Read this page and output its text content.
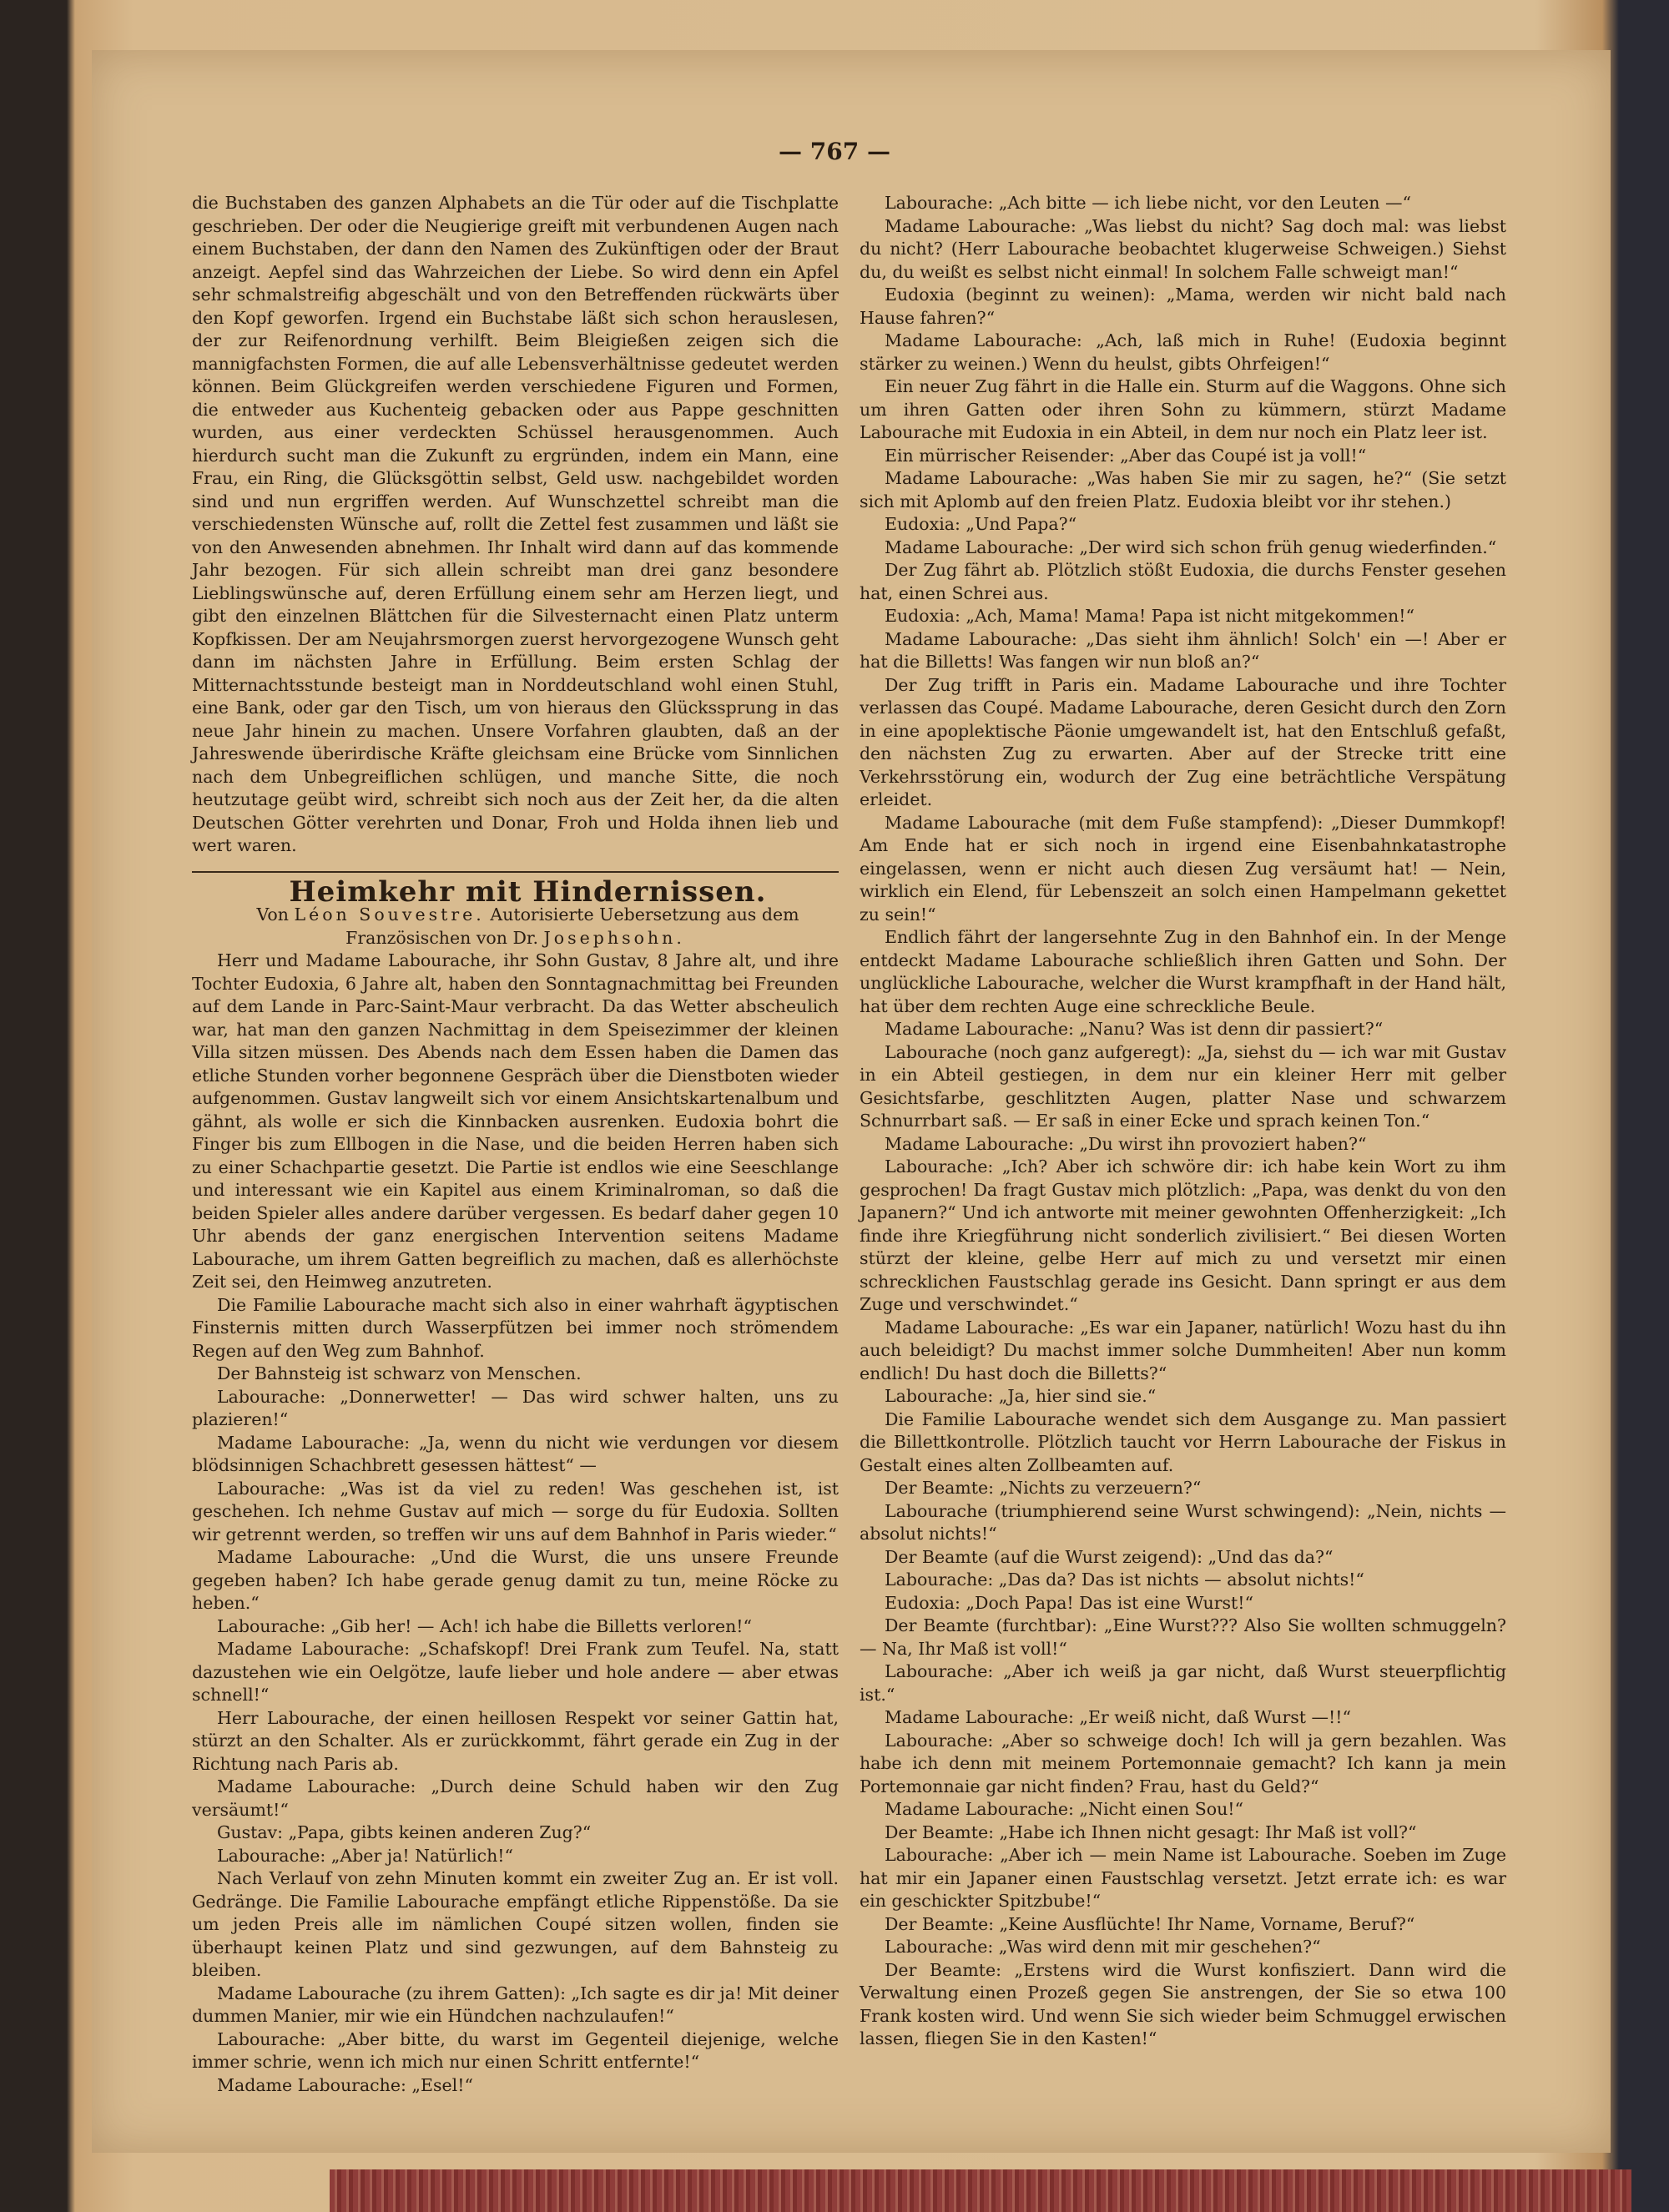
— 767 —

die Buchstaben des ganzen Alphabets an die Tür oder auf die Tischplatte geschrieben. Der oder die Neugierige greift mit verbundenen Augen nach einem Buchstaben, der dann den Namen des Zukünftigen oder der Braut anzeigt. Aepfel sind das Wahrzeichen der Liebe. So wird denn ein Apfel sehr schmalstreifig abgeschält und von den Betreffenden rückwärts über den Kopf geworfen. Irgend ein Buchstabe läßt sich schon herauslesen, der zur Reifenordnung verhilft. Beim Bleigießen zeigen sich die mannigfachsten Formen, die auf alle Lebensverhältnisse gedeutet werden können. Beim Glückgreifen werden verschiedene Figuren und Formen, die entweder aus Kuchenteig gebacken oder aus Pappe geschnitten wurden, aus einer verdeckten Schüssel herausgenommen. Auch hierdurch sucht man die Zukunft zu ergründen, indem ein Mann, eine Frau, ein Ring, die Glücksgöttin selbst, Geld usw. nachgebildet worden sind und nun ergriffen werden. Auf Wunschzettel schreibt man die verschiedensten Wünsche auf, rollt die Zettel fest zusammen und läßt sie von den Anwesenden abnehmen. Ihr Inhalt wird dann auf das kommende Jahr bezogen. Für sich allein schreibt man drei ganz besondere Lieblingswünsche auf, deren Erfüllung einem sehr am Herzen liegt, und gibt den einzelnen Blättchen für die Silvesternacht einen Platz unterm Kopfkissen. Der am Neujahrsmorgen zuerst hervorgezogene Wunsch geht dann im nächsten Jahre in Erfüllung. Beim ersten Schlag der Mitternachtsstunde besteigt man in Norddeutschland wohl einen Stuhl, eine Bank, oder gar den Tisch, um von hieraus den Glückssprung in das neue Jahr hinein zu machen. Unsere Vorfahren glaubten, daß an der Jahreswende überirdische Kräfte gleichsam eine Brücke vom Sinnlichen nach dem Unbegreiflichen schlügen, und manche Sitte, die noch heutzutage geübt wird, schreibt sich noch aus der Zeit her, da die alten Deutschen Götter verehrten und Donar, Froh und Holda ihnen lieb und wert waren.

Heimkehr mit Hindernissen.

Von Léon Souvestre. Autorisierte Uebersetzung aus dem Französischen von Dr. Josephsohn.

Herr und Madame Labourache, ihr Sohn Gustav, 8 Jahre alt, und ihre Tochter Eudoxia, 6 Jahre alt, haben den Sonntagnachmittag bei Freunden auf dem Lande in Parc-Saint-Maur verbracht. Da das Wetter abscheulich war, hat man den ganzen Nachmittag in dem Speisezimmer der kleinen Villa sitzen müssen. Des Abends nach dem Essen haben die Damen das etliche Stunden vorher begonnene Gespräch über die Dienstboten wieder aufgenommen. Gustav langweilt sich vor einem Ansichtskartenalbum und gähnt, als wolle er sich die Kinnbacken ausrenken. Eudoxia bohrt die Finger bis zum Ellbogen in die Nase, und die beiden Herren haben sich zu einer Schachpartie gesetzt. Die Partie ist endlos wie eine Seeschlange und interessant wie ein Kapitel aus einem Kriminalroman, so daß die beiden Spieler alles andere darüber vergessen. Es bedarf daher gegen 10 Uhr abends der ganz energischen Intervention seitens Madame Labourache, um ihrem Gatten begreiflich zu machen, daß es allerhöchste Zeit sei, den Heimweg anzutreten.

Die Familie Labourache macht sich also in einer wahrhaft ägyptischen Finsternis mitten durch Wasserpfützen bei immer noch strömendem Regen auf den Weg zum Bahnhof.

Der Bahnsteig ist schwarz von Menschen.

Labourache: „Donnerwetter! — Das wird schwer halten, uns zu plazieren!“

Madame Labourache: „Ja, wenn du nicht wie verdungen vor diesem blödsinnigen Schachbrett gesessen hättest“ —

Labourache: „Was ist da viel zu reden! Was geschehen ist, ist geschehen. Ich nehme Gustav auf mich — sorge du für Eudoxia. Sollten wir getrennt werden, so treffen wir uns auf dem Bahnhof in Paris wieder.“

Madame Labourache: „Und die Wurst, die uns unsere Freunde gegeben haben? Ich habe gerade genug damit zu tun, meine Röcke zu heben.“

Labourache: „Gib her! — Ach! ich habe die Billetts verloren!“

Madame Labourache: „Schafskopf! Drei Frank zum Teufel. Na, statt dazustehen wie ein Oelgötze, laufe lieber und hole andere — aber etwas schnell!“

Herr Labourache, der einen heillosen Respekt vor seiner Gattin hat, stürzt an den Schalter. Als er zurückkommt, fährt gerade ein Zug in der Richtung nach Paris ab.

Madame Labourache: „Durch deine Schuld haben wir den Zug versäumt!“

Gustav: „Papa, gibts keinen anderen Zug?“

Labourache: „Aber ja! Natürlich!“

Nach Verlauf von zehn Minuten kommt ein zweiter Zug an. Er ist voll. Gedränge. Die Familie Labourache empfängt etliche Rippenstöße. Da sie um jeden Preis alle im nämlichen Coupé sitzen wollen, finden sie überhaupt keinen Platz und sind gezwungen, auf dem Bahnsteig zu bleiben.

Madame Labourache (zu ihrem Gatten): „Ich sagte es dir ja! Mit deiner dummen Manier, mir wie ein Hündchen nachzulaufen!“

Labourache: „Aber bitte, du warst im Gegenteil diejenige, welche immer schrie, wenn ich mich nur einen Schritt entfernte!“

Madame Labourache: „Esel!“

Labourache: „Ach bitte — ich liebe nicht, vor den Leuten —“

Madame Labourache: „Was liebst du nicht? Sag doch mal: was liebst du nicht? (Herr Labourache beobachtet klugerweise Schweigen.) Siehst du, du weißt es selbst nicht einmal! In solchem Falle schweigt man!“

Eudoxia (beginnt zu weinen): „Mama, werden wir nicht bald nach Hause fahren?“

Madame Labourache: „Ach, laß mich in Ruhe! (Eudoxia beginnt stärker zu weinen.) Wenn du heulst, gibts Ohrfeigen!“

Ein neuer Zug fährt in die Halle ein. Sturm auf die Waggons. Ohne sich um ihren Gatten oder ihren Sohn zu kümmern, stürzt Madame Labourache mit Eudoxia in ein Abteil, in dem nur noch ein Platz leer ist.

Ein mürrischer Reisender: „Aber das Coupé ist ja voll!“

Madame Labourache: „Was haben Sie mir zu sagen, he?“ (Sie setzt sich mit Aplomb auf den freien Platz. Eudoxia bleibt vor ihr stehen.)

Eudoxia: „Und Papa?“

Madame Labourache: „Der wird sich schon früh genug wiederfinden.“

Der Zug fährt ab. Plötzlich stößt Eudoxia, die durchs Fenster gesehen hat, einen Schrei aus.

Eudoxia: „Ach, Mama! Mama! Papa ist nicht mitgekommen!“

Madame Labourache: „Das sieht ihm ähnlich! Solch' ein —! Aber er hat die Billetts! Was fangen wir nun bloß an?“

Der Zug trifft in Paris ein. Madame Labourache und ihre Tochter verlassen das Coupé. Madame Labourache, deren Gesicht durch den Zorn in eine apoplektische Päonie umgewandelt ist, hat den Entschluß gefaßt, den nächsten Zug zu erwarten. Aber auf der Strecke tritt eine Verkehrsstörung ein, wodurch der Zug eine beträchtliche Verspätung erleidet.

Madame Labourache (mit dem Fuße stampfend): „Dieser Dummkopf! Am Ende hat er sich noch in irgend eine Eisenbahnkatastrophe eingelassen, wenn er nicht auch diesen Zug versäumt hat! — Nein, wirklich ein Elend, für Lebenszeit an solch einen Hampelmann gekettet zu sein!“

Endlich fährt der langersehnte Zug in den Bahnhof ein. In der Menge entdeckt Madame Labourache schließlich ihren Gatten und Sohn. Der unglückliche Labourache, welcher die Wurst krampfhaft in der Hand hält, hat über dem rechten Auge eine schreckliche Beule.

Madame Labourache: „Nanu? Was ist denn dir passiert?“

Labourache (noch ganz aufgeregt): „Ja, siehst du — ich war mit Gustav in ein Abteil gestiegen, in dem nur ein kleiner Herr mit gelber Gesichtsfarbe, geschlitzten Augen, platter Nase und schwarzem Schnurrbart saß. — Er saß in einer Ecke und sprach keinen Ton.“

Madame Labourache: „Du wirst ihn provoziert haben?“

Labourache: „Ich? Aber ich schwöre dir: ich habe kein Wort zu ihm gesprochen! Da fragt Gustav mich plötzlich: „Papa, was denkt du von den Japanern?“ Und ich antworte mit meiner gewohnten Offenherzigkeit: „Ich finde ihre Kriegführung nicht sonderlich zivilisiert.“ Bei diesen Worten stürzt der kleine, gelbe Herr auf mich zu und versetzt mir einen schrecklichen Faustschlag gerade ins Gesicht. Dann springt er aus dem Zuge und verschwindet.“

Madame Labourache: „Es war ein Japaner, natürlich! Wozu hast du ihn auch beleidigt? Du machst immer solche Dummheiten! Aber nun komm endlich! Du hast doch die Billetts?“

Labourache: „Ja, hier sind sie.“

Die Familie Labourache wendet sich dem Ausgange zu. Man passiert die Billettkontrolle. Plötzlich taucht vor Herrn Labourache der Fiskus in Gestalt eines alten Zollbeamten auf.

Der Beamte: „Nichts zu verzeuern?“

Labourache (triumphierend seine Wurst schwingend): „Nein, nichts — absolut nichts!“

Der Beamte (auf die Wurst zeigend): „Und das da?“

Labourache: „Das da? Das ist nichts — absolut nichts!“

Eudoxia: „Doch Papa! Das ist eine Wurst!“

Der Beamte (furchtbar): „Eine Wurst??? Also Sie wollten schmuggeln? — Na, Ihr Maß ist voll!“

Labourache: „Aber ich weiß ja gar nicht, daß Wurst steuerpflichtig ist.“

Madame Labourache: „Er weiß nicht, daß Wurst —!!“

Labourache: „Aber so schweige doch! Ich will ja gern bezahlen. Was habe ich denn mit meinem Portemonnaie gemacht? Ich kann ja mein Portemonnaie gar nicht finden? Frau, hast du Geld?“

Madame Labourache: „Nicht einen Sou!“

Der Beamte: „Habe ich Ihnen nicht gesagt: Ihr Maß ist voll?“

Labourache: „Aber ich — mein Name ist Labourache. Soeben im Zuge hat mir ein Japaner einen Faustschlag versetzt. Jetzt errate ich: es war ein geschickter Spitzbube!“

Der Beamte: „Keine Ausflüchte! Ihr Name, Vorname, Beruf?“

Labourache: „Was wird denn mit mir geschehen?“

Der Beamte: „Erstens wird die Wurst konfisziert. Dann wird die Verwaltung einen Prozeß gegen Sie anstrengen, der Sie so etwa 100 Frank kosten wird. Und wenn Sie sich wieder beim Schmuggel erwischen lassen, fliegen Sie in den Kasten!“
